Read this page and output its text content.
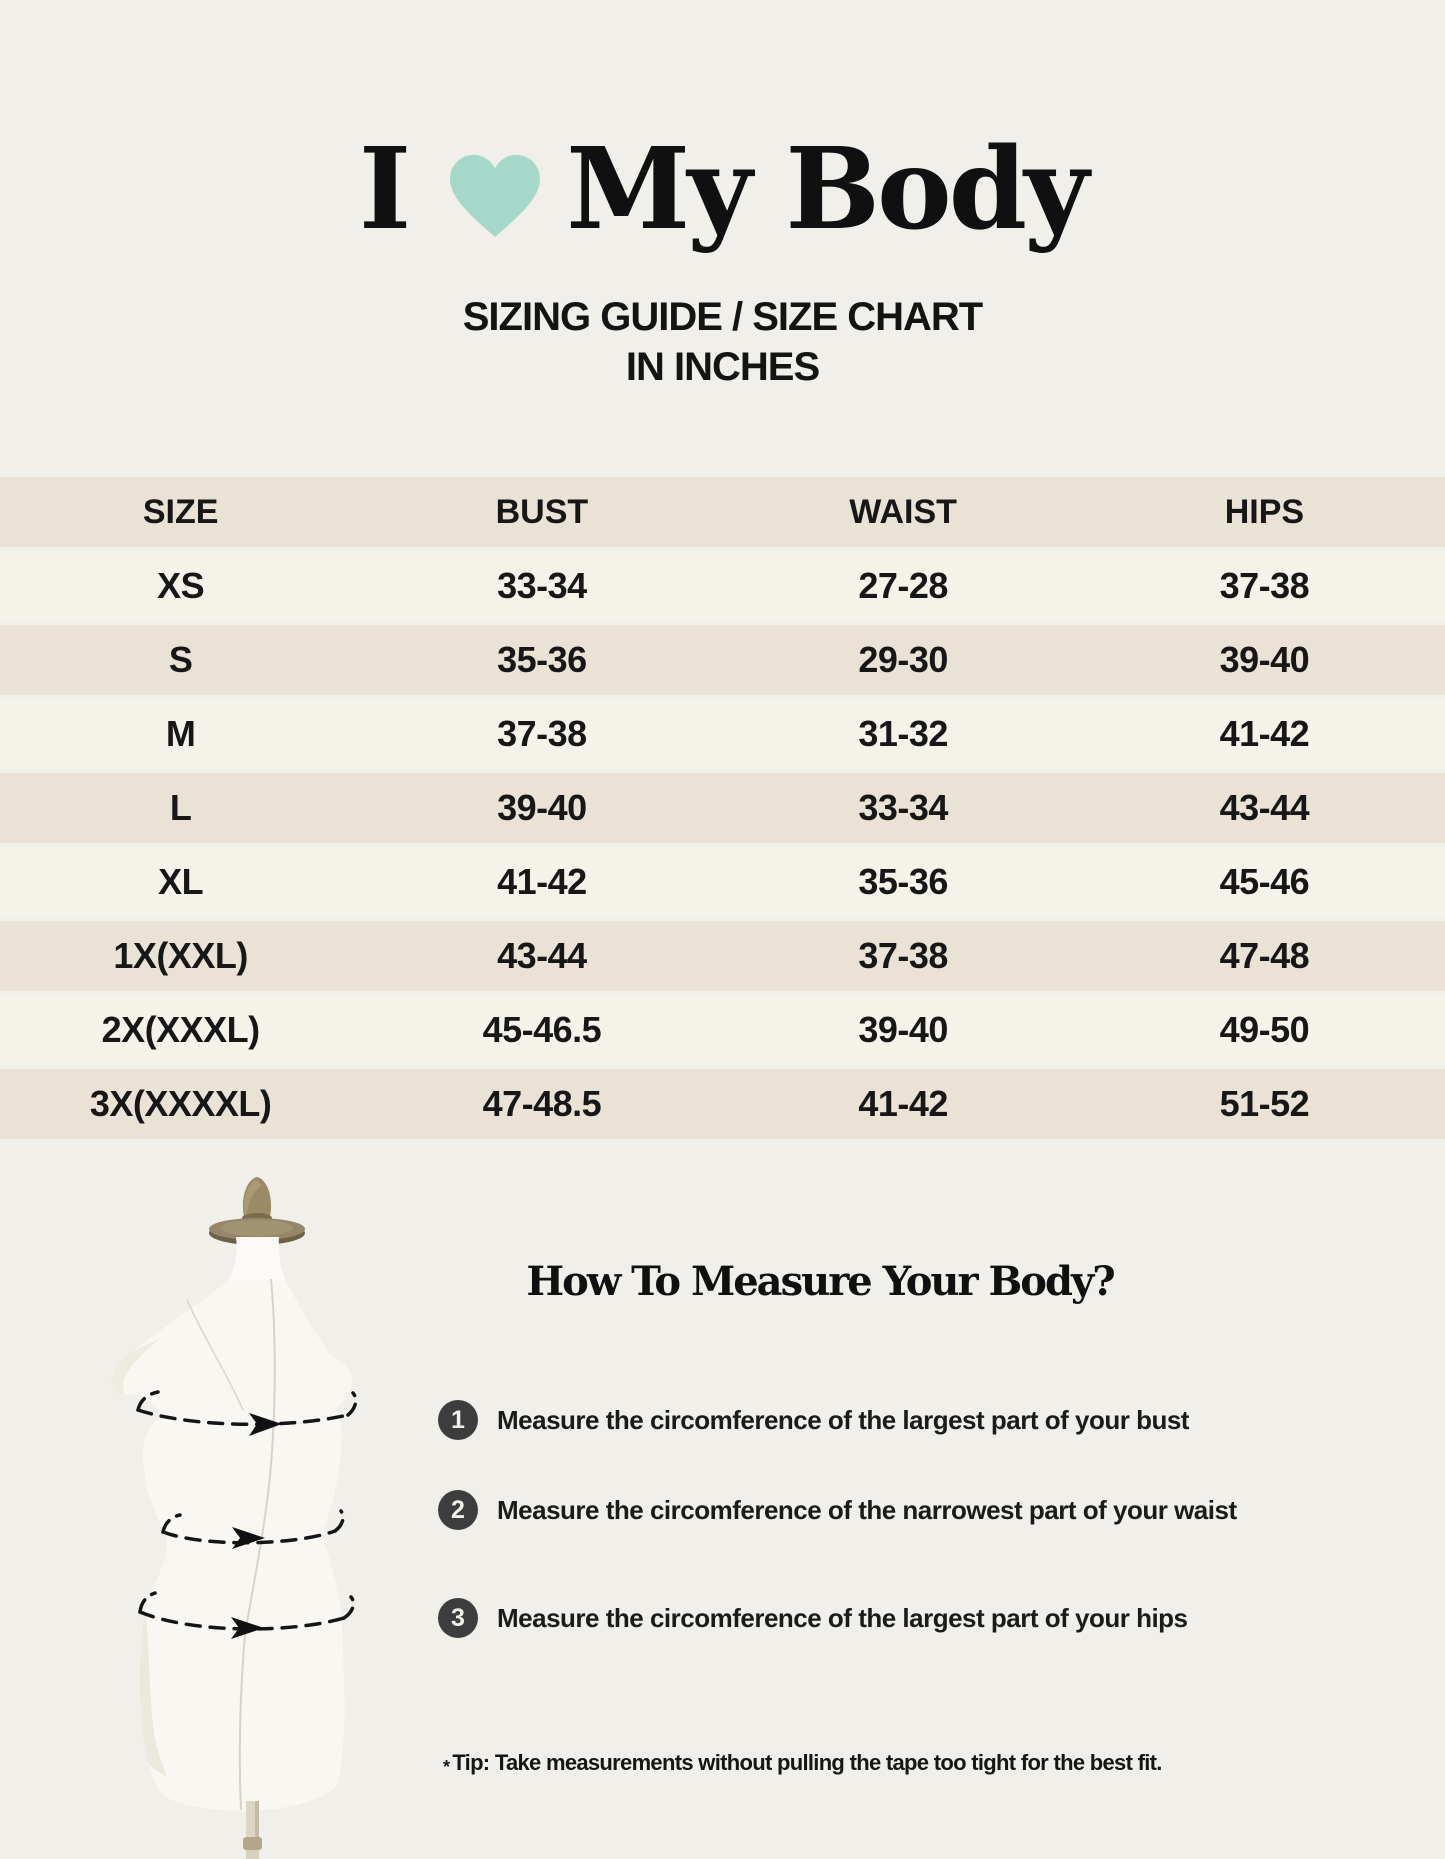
I My Body
SIZING GUIDE / SIZE CHART
IN INCHES
SIZE	BUST	WAIST	HIPS
XS	33-34	27-28	37-38
S	35-36	29-30	39-40
M	37-38	31-32	41-42
L	39-40	33-34	43-44
XL	41-42	35-36	45-46
1X(XXL)	43-44	37-38	47-48
2X(XXXL)	45-46.5	39-40	49-50
3X(XXXXL)	47-48.5	41-42	51-52
How To Measure Your Body?
1	Measure the circomference of the largest part of your bust
2	Measure the circomference of the narrowest part of your waist
3	Measure the circomference of the largest part of your hips
* Tip: Take measurements without pulling the tape too tight for the best fit.
